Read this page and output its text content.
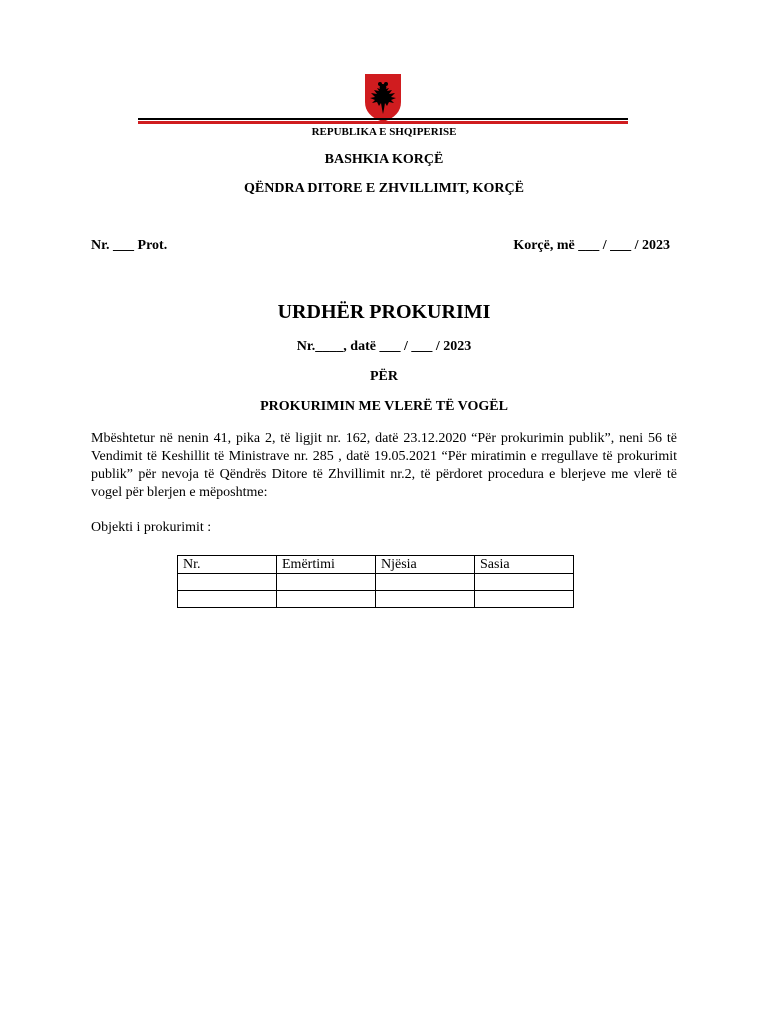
REPUBLIKA E SHQIPERISE
BASHKIA KORÇË
QËNDRA DITORE E ZHVILLIMIT, KORÇË
Nr. ___ Prot.	Korçë, më ___ / ___ / 2023
URDHËR PROKURIMI
Nr.____, datë ___ / ___ / 2023
PËR
PROKURIMIN ME VLERË TË VOGËL
Mbështetur në nenin 41, pika 2, të ligjit nr. 162, datë 23.12.2020 “Për prokurimin publik”, neni 56 të Vendimit të Keshillit të Ministrave nr. 285 , datë 19.05.2021 “Për miratimin e rregullave të prokurimit publik” për nevoja të Qëndrës Ditore të Zhvillimit nr.2, të përdoret procedura e blerjeve me vlerë të vogel për blerjen e mëposhtme:
Objekti i prokurimit :
Nr.	Emërtimi	Njësia	Sasia
